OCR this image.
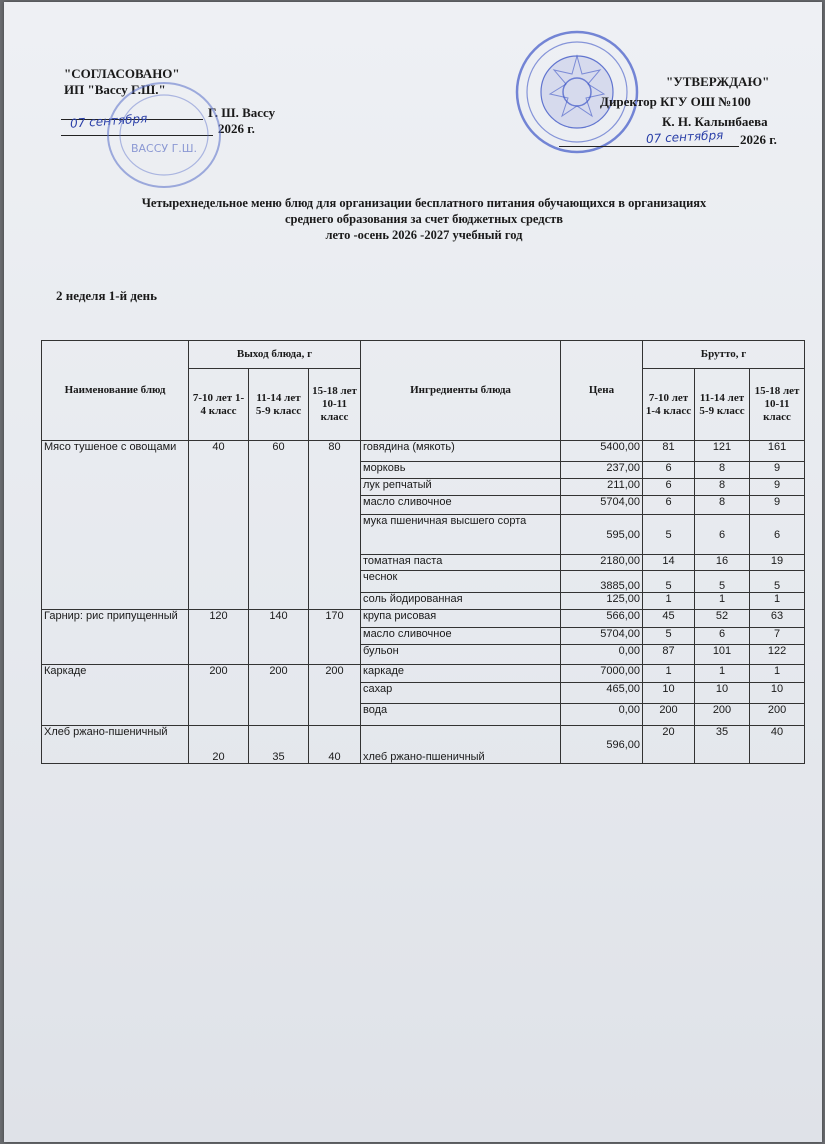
"СОГЛАСОВАНО"
ИП "Вассу Г.Ш."
Г. Ш. Вассу
2026 г.
07 сентября
ВАССУ Г.Ш.
"УТВЕРЖДАЮ"
Директор КГУ ОШ №100
К. Н. Калынбаева
2026 г.
07 сентября
Четырехнедельное меню блюд для организации бесплатного питания обучающихся в организациях
среднего образования за счет бюджетных средств
лето -осень 2026 -2027 учебный год
2 неделя 1-й день
Наименование блюд	Выход блюда, г			Ингредиенты блюда	Цена	Брутто, г		
	7-10 лет 1-4 класс	11-14 лет 5-9 класс	15-18 лет 10-11 класс			7-10 лет 1-4 класс	11-14 лет 5-9 класс	15-18 лет 10-11 класс
Мясо тушеное с овощами	40	60	80	говядина (мякоть)	5400,00	81	121	161
				морковь	237,00	6	8	9
				лук репчатый	211,00	6	8	9
				масло сливочное	5704,00	6	8	9
				мука пшеничная высшего сорта	595,00	5	6	6
				томатная паста	2180,00	14	16	19
				чеснок	3885,00	5	5	5
				соль йодированная	125,00	1	1	1
Гарнир: рис припущенный	120	140	170	крупа рисовая	566,00	45	52	63
				масло сливочное	5704,00	5	6	7
				бульон	0,00	87	101	122
Каркаде	200	200	200	каркаде	7000,00	1	1	1
				сахар	465,00	10	10	10
				вода	0,00	200	200	200
Хлеб ржано-пшеничный	20	35	40	хлеб ржано-пшеничный	596,00	20	35	40
